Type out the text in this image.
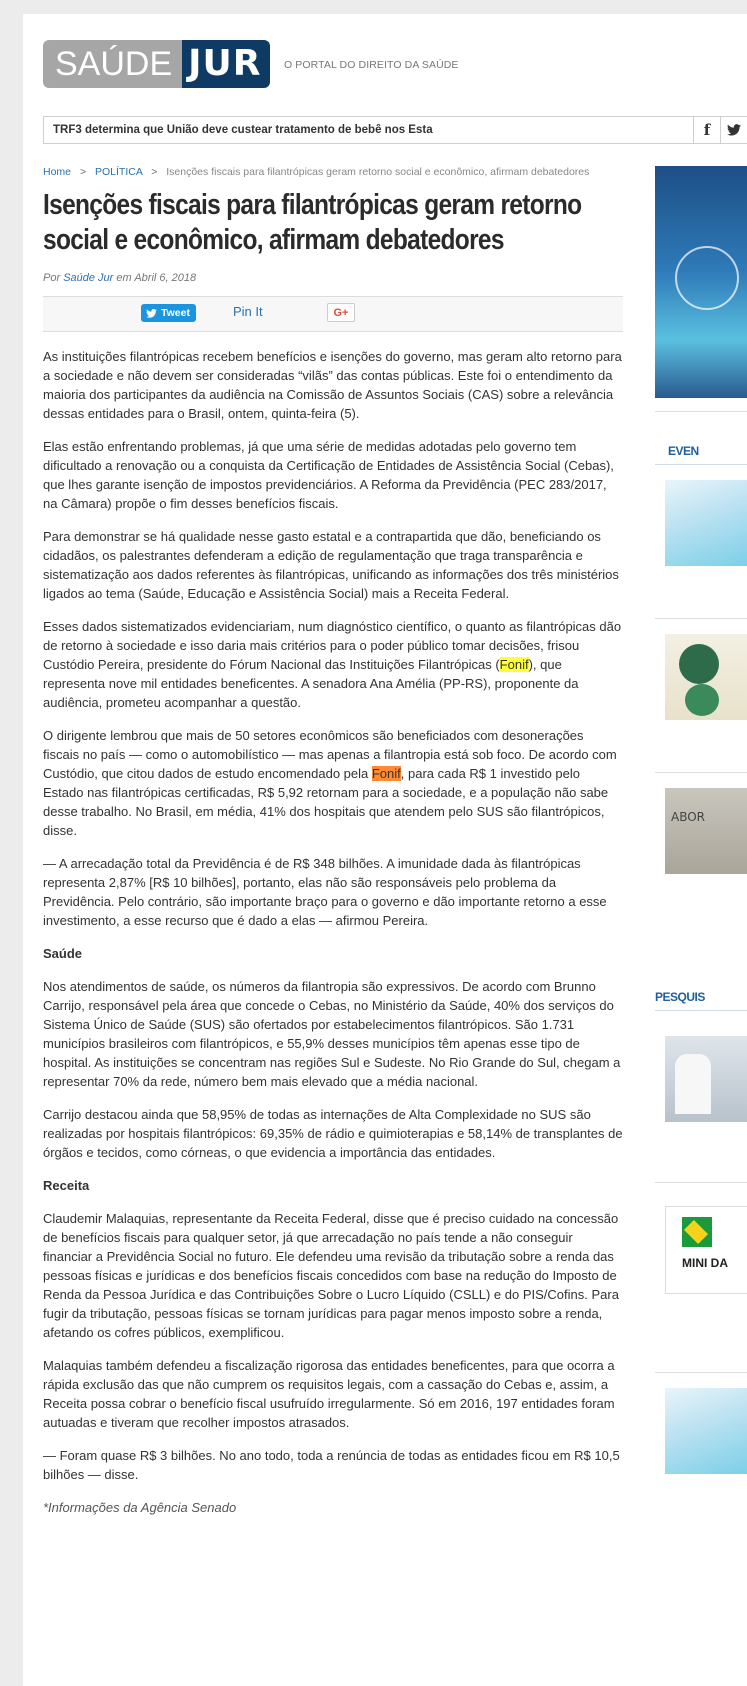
SAÚDE JUR	O PORTAL DO DIREITO DA SAÚDE
TRF3 determina que União deve custear tratamento de bebê nos Esta	f
Home > POLÍTICA > Isenções fiscais para filantrópicas geram retorno social e econômico, afirmam debatedores
Isenções fiscais para filantrópicas geram retorno social e econômico, afirmam debatedores
Por Saúde Jur em Abril 6, 2018
Tweet	Pin It	G+

As instituições filantrópicas recebem benefícios e isenções do governo, mas geram alto retorno para a sociedade e não devem ser consideradas “vilãs” das contas públicas. Este foi o entendimento da maioria dos participantes da audiência na Comissão de Assuntos Sociais (CAS) sobre a relevância dessas entidades para o Brasil, ontem, quinta-feira (5).

Elas estão enfrentando problemas, já que uma série de medidas adotadas pelo governo tem dificultado a renovação ou a conquista da Certificação de Entidades de Assistência Social (Cebas), que lhes garante isenção de impostos previdenciários. A Reforma da Previdência (PEC 283/2017, na Câmara) propõe o fim desses benefícios fiscais.

Para demonstrar se há qualidade nesse gasto estatal e a contrapartida que dão, beneficiando os cidadãos, os palestrantes defenderam a edição de regulamentação que traga transparência e sistematização aos dados referentes às filantrópicas, unificando as informações dos três ministérios ligados ao tema (Saúde, Educação e Assistência Social) mais a Receita Federal.

Esses dados sistematizados evidenciariam, num diagnóstico científico, o quanto as filantrópicas dão de retorno à sociedade e isso daria mais critérios para o poder público tomar decisões, frisou Custódio Pereira, presidente do Fórum Nacional das Instituições Filantrópicas (Fonif), que representa nove mil entidades beneficentes. A senadora Ana Amélia (PP-RS), proponente da audiência, prometeu acompanhar a questão.

O dirigente lembrou que mais de 50 setores econômicos são beneficiados com desonerações fiscais no país — como o automobilístico — mas apenas a filantropia está sob foco. De acordo com Custódio, que citou dados de estudo encomendado pela Fonif, para cada R$ 1 investido pelo Estado nas filantrópicas certificadas, R$ 5,92 retornam para a sociedade, e a população não sabe desse trabalho. No Brasil, em média, 41% dos hospitais que atendem pelo SUS são filantrópicos, disse.

— A arrecadação total da Previdência é de R$ 348 bilhões. A imunidade dada às filantrópicas representa 2,87% [R$ 10 bilhões], portanto, elas não são responsáveis pelo problema da Previdência. Pelo contrário, são importante braço para o governo e dão importante retorno a esse investimento, a esse recurso que é dado a elas — afirmou Pereira.

Saúde

Nos atendimentos de saúde, os números da filantropia são expressivos. De acordo com Brunno Carrijo, responsável pela área que concede o Cebas, no Ministério da Saúde, 40% dos serviços do Sistema Único de Saúde (SUS) são ofertados por estabelecimentos filantrópicos. São 1.731 municípios brasileiros com filantrópicos, e 55,9% desses municípios têm apenas esse tipo de hospital. As instituições se concentram nas regiões Sul e Sudeste. No Rio Grande do Sul, chegam a representar 70% da rede, número bem mais elevado que a média nacional.

Carrijo destacou ainda que 58,95% de todas as internações de Alta Complexidade no SUS são realizadas por hospitais filantrópicos: 69,35% de rádio e quimioterapias e 58,14% de transplantes de órgãos e tecidos, como córneas, o que evidencia a importância das entidades.

Receita

Claudemir Malaquias, representante da Receita Federal, disse que é preciso cuidado na concessão de benefícios fiscais para qualquer setor, já que arrecadação no país tende a não conseguir financiar a Previdência Social no futuro. Ele defendeu uma revisão da tributação sobre a renda das pessoas físicas e jurídicas e dos benefícios fiscais concedidos com base na redução do Imposto de Renda da Pessoa Jurídica e das Contribuições Sobre o Lucro Líquido (CSLL) e do PIS/Cofins. Para fugir da tributação, pessoas físicas se tornam jurídicas para pagar menos imposto sobre a renda, afetando os cofres públicos, exemplificou.

Malaquias também defendeu a fiscalização rigorosa das entidades beneficentes, para que ocorra a rápida exclusão das que não cumprem os requisitos legais, com a cassação do Cebas e, assim, a Receita possa cobrar o benefício fiscal usufruído irregularmente. Só em 2016, 197 entidades foram autuadas e tiveram que recolher impostos atrasados.

— Foram quase R$ 3 bilhões. No ano todo, toda a renúncia de todas as entidades ficou em R$ 10,5 bilhões — disse.

*Informações da Agência Senado

EVEN
ABOR
PESQUIS
MINI DA
